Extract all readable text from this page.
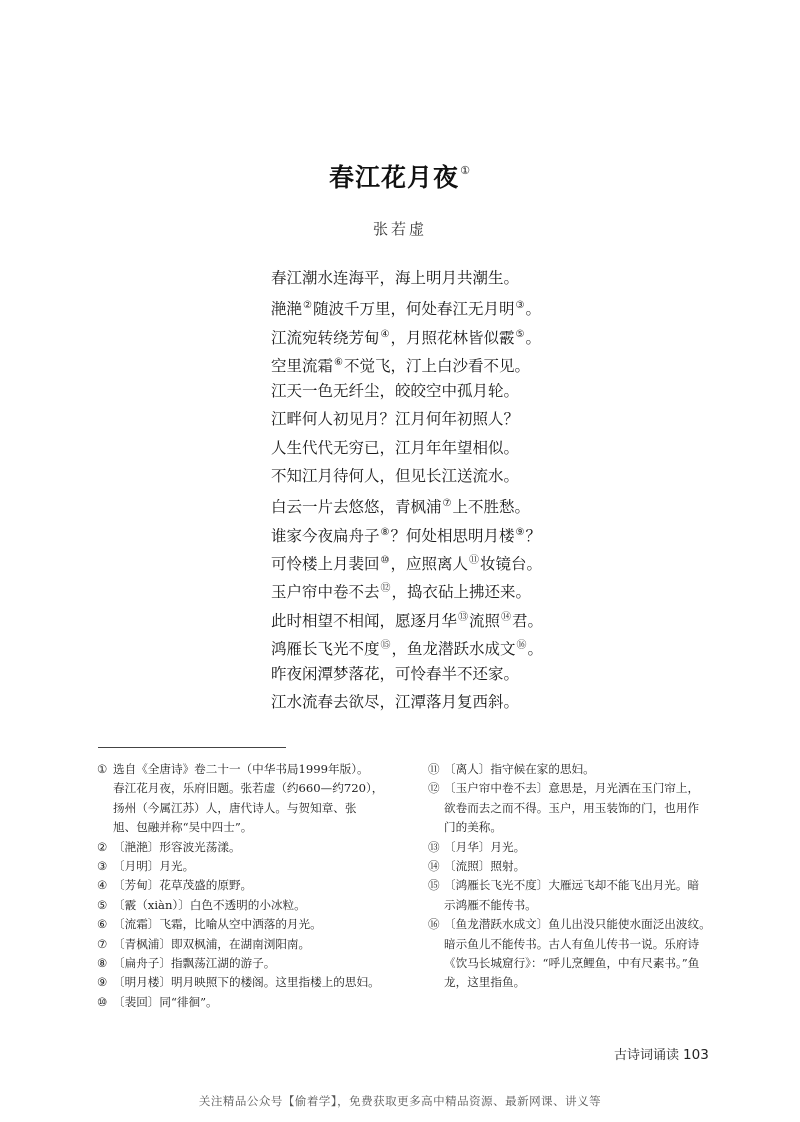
春江花月夜①
张若虚
春江潮水连海平，海上明月共潮生。
滟滟②随波千万里，何处春江无月明③。
江流宛转绕芳甸④，月照花林皆似霰⑤。
空里流霜⑥不觉飞，汀上白沙看不见。
江天一色无纤尘，皎皎空中孤月轮。
江畔何人初见月？江月何年初照人？
人生代代无穷已，江月年年望相似。
不知江月待何人，但见长江送流水。
白云一片去悠悠，青枫浦⑦上不胜愁。
谁家今夜扁舟子⑧？何处相思明月楼⑨？
可怜楼上月裴回⑩，应照离人⑪妆镜台。
玉户帘中卷不去⑫，捣衣砧上拂还来。
此时相望不相闻，愿逐月华⑬流照⑭君。
鸿雁长飞光不度⑮，鱼龙潜跃水成文⑯。
昨夜闲潭梦落花，可怜春半不还家。
江水流春去欲尽，江潭落月复西斜。
① 选自《全唐诗》卷二十一（中华书局1999年版）。
春江花月夜，乐府旧题。张若虚（约660—约720），
扬州（今属江苏）人，唐代诗人。与贺知章、张
旭、包融并称“吴中四士”。
② 〔滟滟〕形容波光荡漾。
③ 〔月明〕月光。
④ 〔芳甸〕花草茂盛的原野。
⑤ 〔霰（xiàn）〕白色不透明的小冰粒。
⑥ 〔流霜〕飞霜，比喻从空中洒落的月光。
⑦ 〔青枫浦〕即双枫浦，在湖南浏阳南。
⑧ 〔扁舟子〕指飘荡江湖的游子。
⑨ 〔明月楼〕明月映照下的楼阁。这里指楼上的思妇。
⑩ 〔裴回〕同“徘徊”。
⑪ 〔离人〕指守候在家的思妇。
⑫ 〔玉户帘中卷不去〕意思是，月光洒在玉门帘上，
欲卷而去之而不得。玉户，用玉装饰的门，也用作
门的美称。
⑬ 〔月华〕月光。
⑭ 〔流照〕照射。
⑮ 〔鸿雁长飞光不度〕大雁远飞却不能飞出月光。暗
示鸿雁不能传书。
⑯ 〔鱼龙潜跃水成文〕鱼儿出没只能使水面泛出波纹。
暗示鱼儿不能传书。古人有鱼儿传书一说。乐府诗
《饮马长城窟行》：“呼儿烹鲤鱼，中有尺素书。”鱼
龙，这里指鱼。
古诗词诵读 103
关注精品公众号【偷着学】，免费获取更多高中精品资源、最新网课、讲义等
